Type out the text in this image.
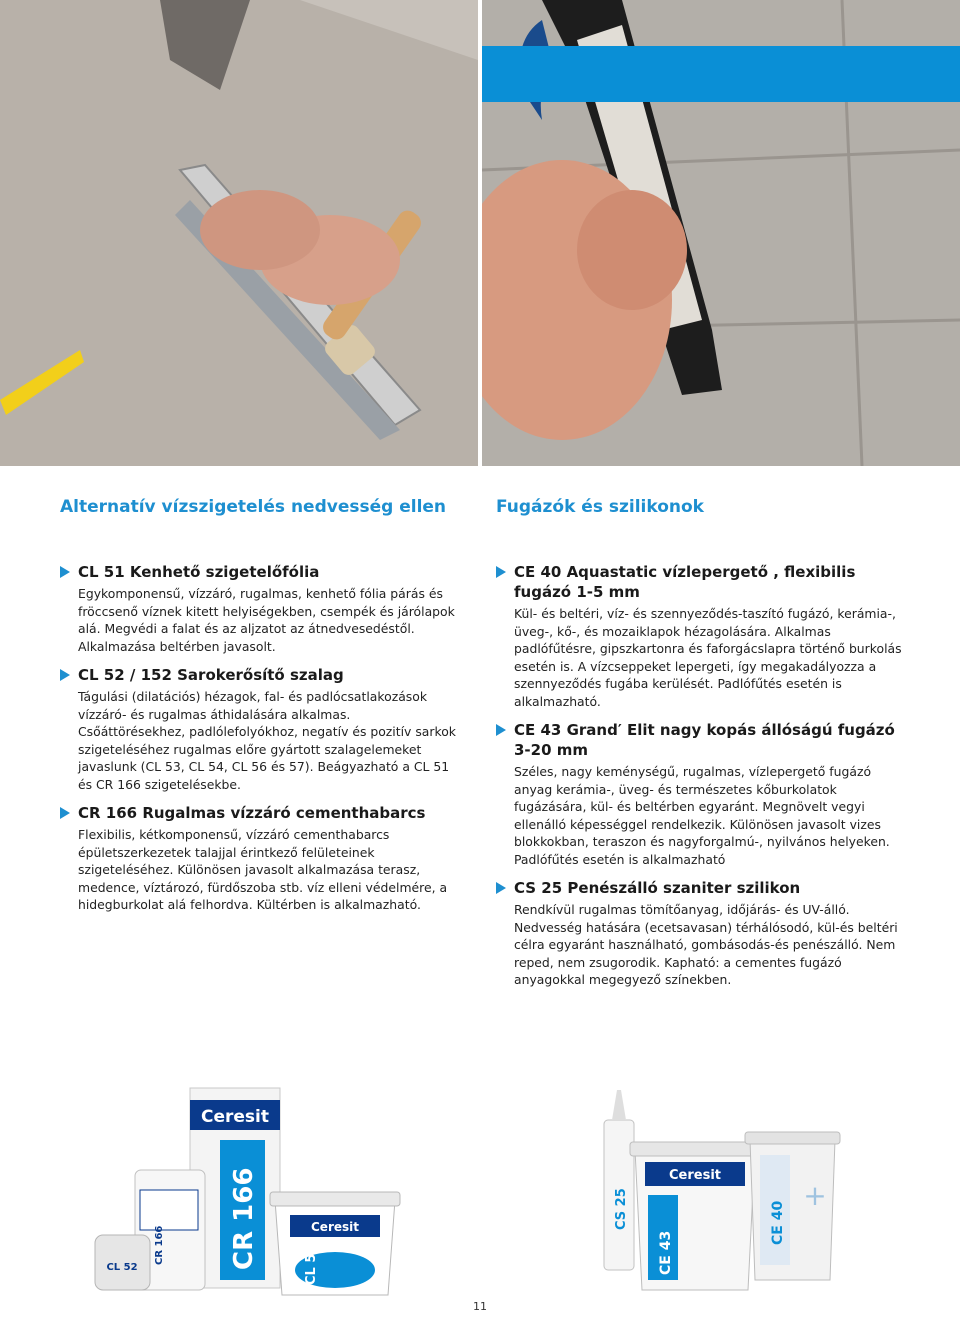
Alternatív vízszigetelés nedvesség ellen	Fugázók és szilikonok

CL 51 Kenhető szigetelőfólia

Egykomponensű, vízzáró, rugalmas, kenhető fólia párás és fröccsenő víznek kitett helyiségekben, csempék és járólapok alá. Megvédi a falat és az aljzatot az átnedvesedéstől. Alkalmazása beltérben javasolt.

CL 52 / 152 Sarokerősítő szalag

Tágulási (dilatációs) hézagok, fal- és padlócsatlakozások vízzáró- és rugalmas áthidalására alkalmas. Csőáttörésekhez, padlólefolyókhoz, negatív és pozitív sarkok szigeteléséhez rugalmas előre gyártott szalagelemeket javaslunk (CL 53, CL 54, CL 56 és 57). Beágyazható a CL 51 és CR 166 szigetelésekbe.

CR 166 Rugalmas vízzáró cementhabarcs

Flexibilis, kétkomponensű, vízzáró cementhabarcs épületszerkezetek talajjal érintkező felületeinek szigeteléséhez. Különösen javasolt alkalmazása terasz, medence, víztározó, fürdőszoba stb. víz elleni védelmére, a hidegburkolat alá felhordva. Kültérben is alkalmazható.

CE 40 Aquastatic vízlepergető , flexibilis fugázó 1-5 mm

Kül- és beltéri, víz- és szennyeződés-taszító fugázó, kerámia-, üveg-, kő-, és mozaiklapok hézagolására. Alkalmas padlófűtésre, gipszkartonra és faforgácslapra történő burkolás esetén is. A vízcseppeket lepergeti, így megakadályozza a szennyeződés fugába kerülését. Padlófűtés esetén is alkalmazható.

CE 43 Grand′ Elit nagy kopás állóságú fugázó 3-20 mm

Széles, nagy keménységű, rugalmas, vízlepergető fugázó anyag kerámia-, üveg- és természetes kőburkolatok fugázására, kül- és beltérben egyaránt. Megnövelt vegyi ellenálló képességgel rendelkezik. Különösen javasolt vizes blokkokban, teraszon és nagyforgalmú-, nyilvános helyeken. Padlófűtés esetén is alkalmazható

CS 25 Penészálló szaniter szilikon

Rendkívül rugalmas tömítőanyag, időjárás- és UV-álló. Nedvesség hatására (ecetsavasan) térhálósodó, kül-és beltéri célra egyaránt használható, gombásodás-és penészálló. Nem reped, nem zsugorodik. Kapható: a cementes fugázó anyagokkal megegyező színekben.

Ceresit
CR 166
CR 166
CL 52
Ceresit
CL 51
CS 25
Ceresit
CE 43
CE 40
+
11
